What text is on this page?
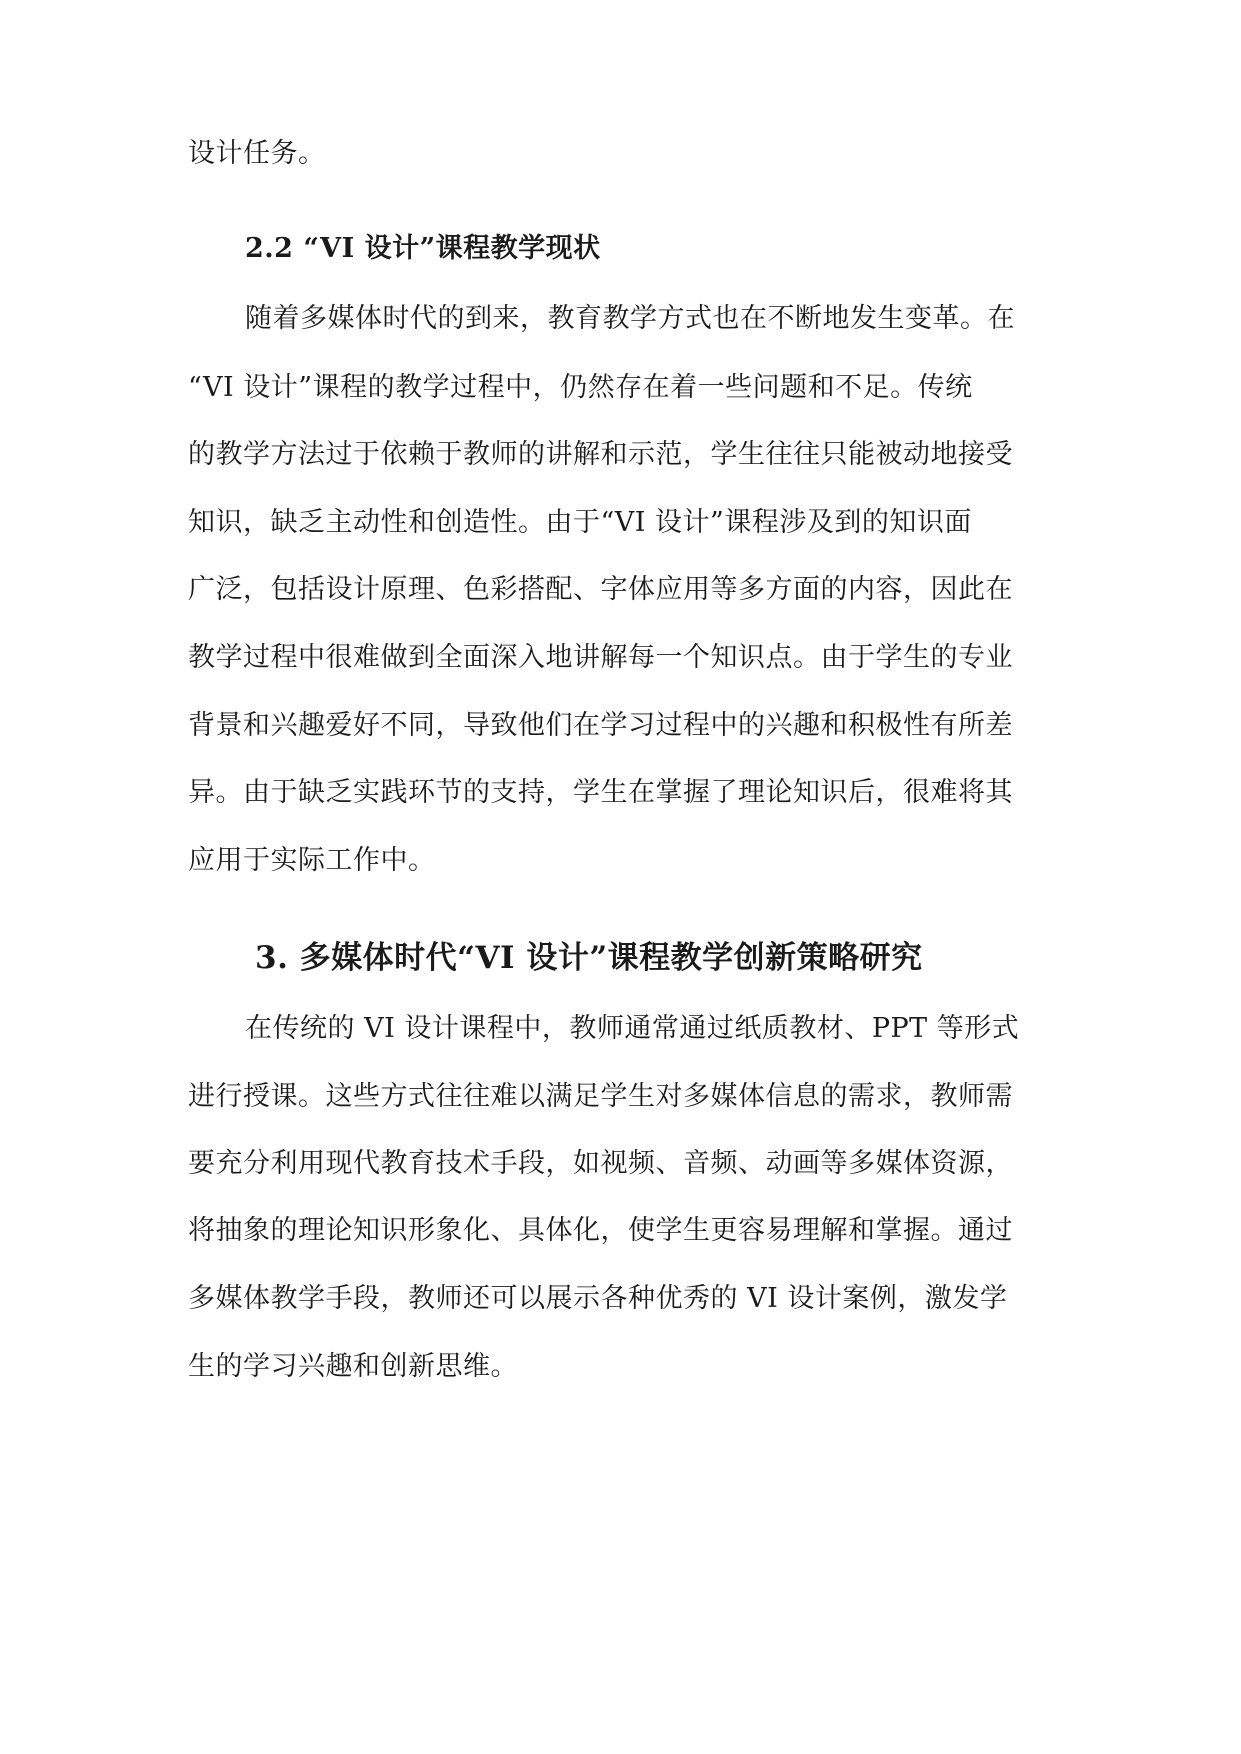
设计任务。
2.2 “VI 设计”课程教学现状
随着多媒体时代的到来，教育教学方式也在不断地发生变革。在
“VI 设计”课程的教学过程中，仍然存在着一些问题和不足。传统
的教学方法过于依赖于教师的讲解和示范，学生往往只能被动地接受
知识，缺乏主动性和创造性。由于“VI 设计”课程涉及到的知识面
广泛，包括设计原理、色彩搭配、字体应用等多方面的内容，因此在
教学过程中很难做到全面深入地讲解每一个知识点。由于学生的专业
背景和兴趣爱好不同，导致他们在学习过程中的兴趣和积极性有所差
异。由于缺乏实践环节的支持，学生在掌握了理论知识后，很难将其
应用于实际工作中。
3. 多媒体时代“VI 设计”课程教学创新策略研究
在传统的 VI 设计课程中，教师通常通过纸质教材、PPT 等形式
进行授课。这些方式往往难以满足学生对多媒体信息的需求，教师需
要充分利用现代教育技术手段，如视频、音频、动画等多媒体资源，
将抽象的理论知识形象化、具体化，使学生更容易理解和掌握。通过
多媒体教学手段，教师还可以展示各种优秀的 VI 设计案例，激发学
生的学习兴趣和创新思维。
